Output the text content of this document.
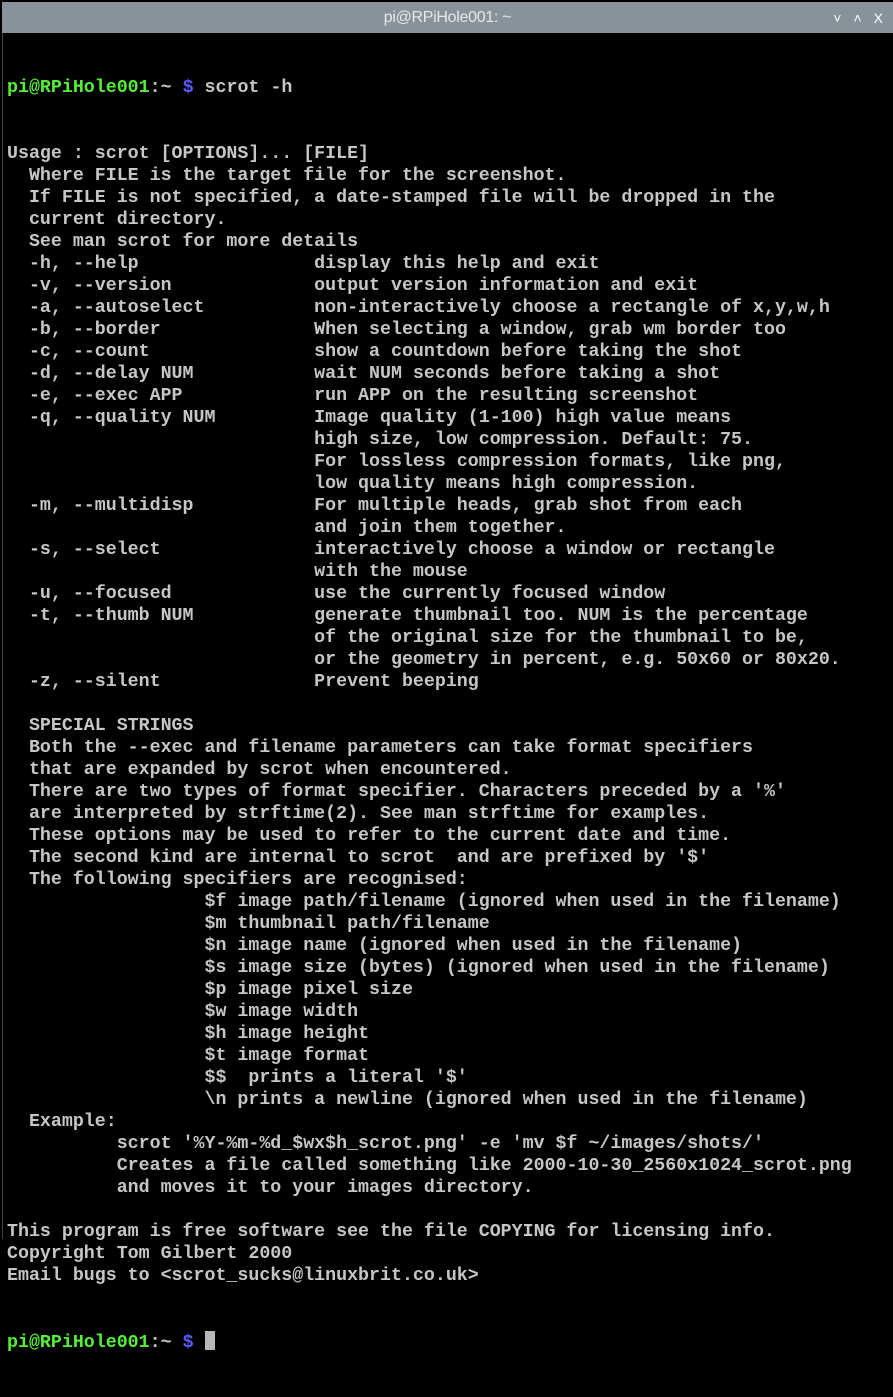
pi@RPiHole001: ~	˅ ˄ X

pi@RPiHole001:~ $ scrot -h

Usage : scrot [OPTIONS]... [FILE]
Where FILE is the target file for the screenshot.
If FILE is not specified, a date-stamped file will be dropped in the
current directory.
See man scrot for more details
-h, --help                display this help and exit
-v, --version             output version information and exit
-a, --autoselect          non-interactively choose a rectangle of x,y,w,h
-b, --border              When selecting a window, grab wm border too
-c, --count               show a countdown before taking the shot
-d, --delay NUM           wait NUM seconds before taking a shot
-e, --exec APP            run APP on the resulting screenshot
-q, --quality NUM         Image quality (1-100) high value means
high size, low compression. Default: 75.
For lossless compression formats, like png,
low quality means high compression.
-m, --multidisp           For multiple heads, grab shot from each
and join them together.
-s, --select              interactively choose a window or rectangle
with the mouse
-u, --focused             use the currently focused window
-t, --thumb NUM           generate thumbnail too. NUM is the percentage
of the original size for the thumbnail to be,
or the geometry in percent, e.g. 50x60 or 80x20.
-z, --silent              Prevent beeping
SPECIAL STRINGS
Both the --exec and filename parameters can take format specifiers
that are expanded by scrot when encountered.
There are two types of format specifier. Characters preceded by a '%'
are interpreted by strftime(2). See man strftime for examples.
These options may be used to refer to the current date and time.
The second kind are internal to scrot  and are prefixed by '$'
The following specifiers are recognised:
$f image path/filename (ignored when used in the filename)
$m thumbnail path/filename
$n image name (ignored when used in the filename)
$s image size (bytes) (ignored when used in the filename)
$p image pixel size
$w image width
$h image height
$t image format
$$  prints a literal '$'
\n prints a newline (ignored when used in the filename)
Example:
scrot '%Y-%m-%d_$wx$h_scrot.png' -e 'mv $f ~/images/shots/'
Creates a file called something like 2000-10-30_2560x1024_scrot.png
and moves it to your images directory.
This program is free software see the file COPYING for licensing info.
Copyright Tom Gilbert 2000
Email bugs to <scrot_sucks@linuxbrit.co.uk>

pi@RPiHole001:~ $
